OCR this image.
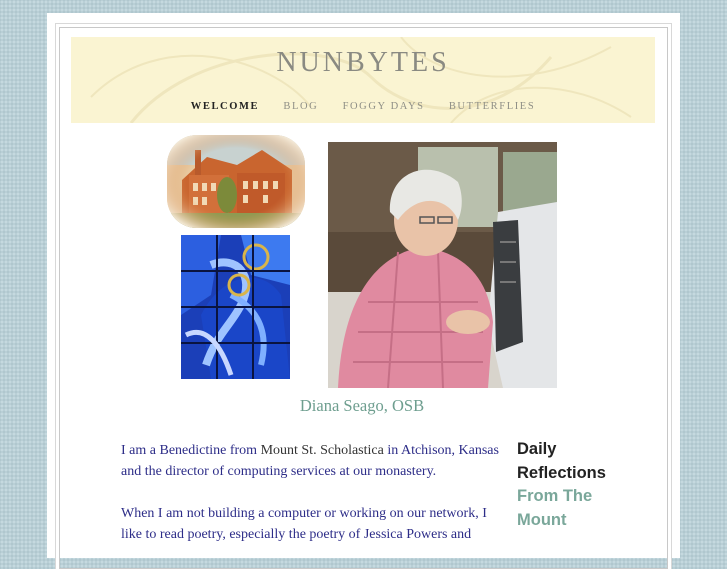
NUNBYTES
WELCOME BLOG FOGGY DAYS BUTTERFLIES
Diana Seago, OSB

I am a Benedictine from Mount St. Scholastica in Atchison, Kansas and the director of computing services at our monastery.

When I am not building a computer or working on our network, I like to read poetry, especially the poetry of Jessica Powers and

Daily Reflections
From The Mount
